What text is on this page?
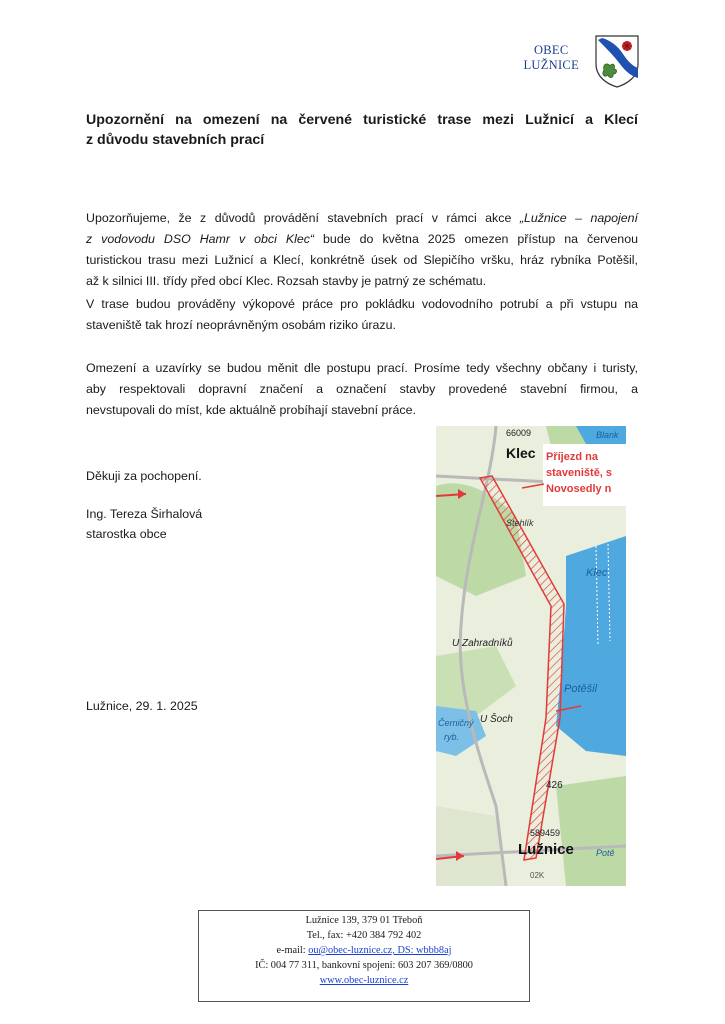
OBEC
LUŽNICE
Upozornění na omezení na červené turistické trase mezi Lužnicí a Klecí
z důvodu stavebních prací
Upozorňujeme, že z důvodů provádění stavebních prací v rámci akce „Lužnice – napojení
z vodovodu DSO Hamr v obci Klec“ bude do května 2025 omezen přístup na červenou
turistickou trasu mezi Lužnicí a Klecí, konkrétně úsek od Slepičího vršku, hráz rybníka Potěšil,
až k silnici III. třídy před obcí Klec. Rozsah stavby je patrný ze schématu.

V trase budou prováděny výkopové práce pro pokládku vodovodního potrubí a při vstupu na staveniště tak hrozí neoprávněným osobám riziko úrazu.

Omezení a uzavírky se budou měnit dle postupu prací. Prosíme tedy všechny občany i turisty,
aby respektovali dopravní značení a označení stavby provedené stavební firmou, a
nevstupovali do míst, kde aktuálně probíhají stavební práce.
Děkuji za pochopení.
Ing. Tereza Širhalová
starostka obce
Lužnice, 29. 1. 2025
Příjezd na
staveniště, s
Novosedly n
66009
Klec
Blank
Stehlík
Klec
U Zahradníků
Černičný
ryb.
U Šoch
Potěšil
426
589459
Lužnice Potě
02K
Lužnice 139, 379 01 Třeboň
Tel., fax: +420 384 792 402
e-mail: ou@obec-luznice.cz, DS: wbbb8aj
IČ: 004 77 311, bankovní spojení: 603 207 369/0800
www.obec-luznice.cz
